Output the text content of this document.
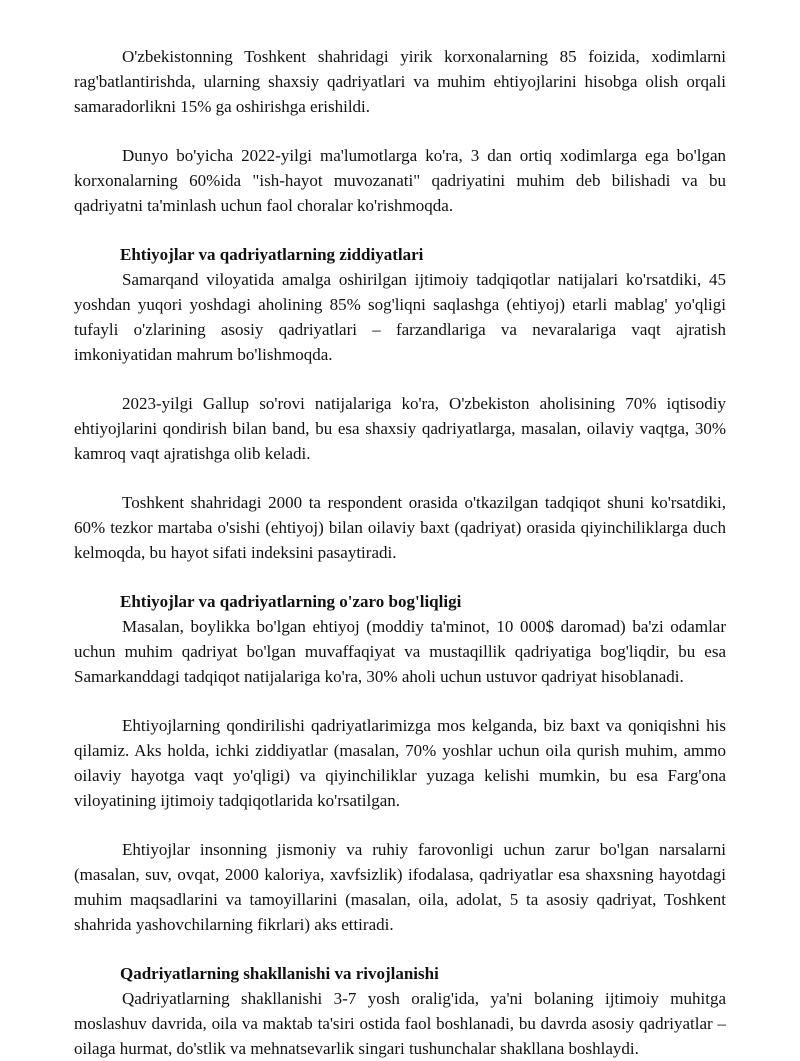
O'zbekistonning Toshkent shahridagi yirik korxonalarning 85 foizida, xodimlarni rag'batlantirishda, ularning shaxsiy qadriyatlari va muhim ehtiyojlarini hisobga olish orqali samaradorlikni 15% ga oshirishga erishildi.

Dunyo bo'yicha 2022-yilgi ma'lumotlarga ko'ra, 3 dan ortiq xodimlarga ega bo'lgan korxonalarning 60%ida "ish-hayot muvozanati" qadriyatini muhim deb bilishadi va bu qadriyatni ta'minlash uchun faol choralar ko'rishmoqda.

Ehtiyojlar va qadriyatlarning ziddiyatlari

Samarqand viloyatida amalga oshirilgan ijtimoiy tadqiqotlar natijalari ko'rsatdiki, 45 yoshdan yuqori yoshdagi aholining 85% sog'liqni saqlashga (ehtiyoj) etarli mablag' yo'qligi tufayli o'zlarining asosiy qadriyatlari – farzandlariga va nevaralariga vaqt ajratish imkoniyatidan mahrum bo'lishmoqda.

2023-yilgi Gallup so'rovi natijalariga ko'ra, O'zbekiston aholisining 70% iqtisodiy ehtiyojlarini qondirish bilan band, bu esa shaxsiy qadriyatlarga, masalan, oilaviy vaqtga, 30% kamroq vaqt ajratishga olib keladi.

Toshkent shahridagi 2000 ta respondent orasida o'tkazilgan tadqiqot shuni ko'rsatdiki, 60% tezkor martaba o'sishi (ehtiyoj) bilan oilaviy baxt (qadriyat) orasida qiyinchiliklarga duch kelmoqda, bu hayot sifati indeksini pasaytiradi.

Ehtiyojlar va qadriyatlarning o'zaro bog'liqligi

Masalan, boylikka bo'lgan ehtiyoj (moddiy ta'minot, 10 000$ daromad) ba'zi odamlar uchun muhim qadriyat bo'lgan muvaffaqiyat va mustaqillik qadriyatiga bog'liqdir, bu esa Samarkanddagi tadqiqot natijalariga ko'ra, 30% aholi uchun ustuvor qadriyat hisoblanadi.

Ehtiyojlarning qondirilishi qadriyatlarimizga mos kelganda, biz baxt va qoniqishni his qilamiz. Aks holda, ichki ziddiyatlar (masalan, 70% yoshlar uchun oila qurish muhim, ammo oilaviy hayotga vaqt yo'qligi) va qiyinchiliklar yuzaga kelishi mumkin, bu esa Farg'ona viloyatining ijtimoiy tadqiqotlarida ko'rsatilgan.

Ehtiyojlar insonning jismoniy va ruhiy farovonligi uchun zarur bo'lgan narsalarni (masalan, suv, ovqat, 2000 kaloriya, xavfsizlik) ifodalasa, qadriyatlar esa shaxsning hayotdagi muhim maqsadlarini va tamoyillarini (masalan, oila, adolat, 5 ta asosiy qadriyat, Toshkent shahrida yashovchilarning fikrlari) aks ettiradi.

Qadriyatlarning shakllanishi va rivojlanishi

Qadriyatlarning shakllanishi 3-7 yosh oralig'ida, ya'ni bolaning ijtimoiy muhitga moslashuv davrida, oila va maktab ta'siri ostida faol boshlanadi, bu davrda asosiy qadriyatlar – oilaga hurmat, do'stlik va mehnatsevarlik singari tushunchalar shakllana boshlaydi.
